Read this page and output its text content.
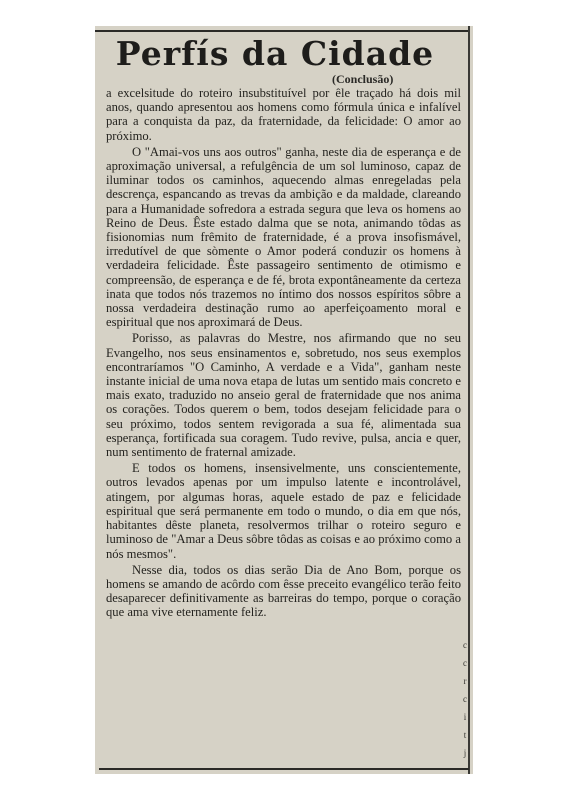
Perfís da Cidade
(Conclusão)

a excelsitude do roteiro insubstituível por êle traçado há dois mil anos, quando apresentou aos homens como fórmula única e infalível para a conquista da paz, da fraternidade, da felicidade: O amor ao próximo.

O "Amai-vos uns aos outros" ganha, neste dia de esperança e de aproximação universal, a refulgência de um sol luminoso, capaz de iluminar todos os caminhos, aquecendo almas enregeladas pela descrença, espancando as trevas da ambição e da maldade, clareando para a Humanidade sofredora a estrada segura que leva os homens ao Reino de Deus. Êste estado dalma que se nota, animando tôdas as fisionomias num frêmito de fraternidade, é a prova insofismável, irredutível de que sòmente o Amor poderá conduzir os homens à verdadeira felicidade. Êste passageiro sentimento de otimismo e compreensão, de esperança e de fé, brota expontâneamente da certeza inata que todos nós trazemos no íntimo dos nossos espíritos sôbre a nossa verdadeira destinação rumo ao aperfeiçoamento moral e espiritual que nos aproximará de Deus.

Porisso, as palavras do Mestre, nos afirmando que no seu Evangelho, nos seus ensinamentos e, sobretudo, nos seus exemplos encontraríamos "O Caminho, A verdade e a Vida", ganham neste instante inicial de uma nova etapa de lutas um sentido mais concreto e mais exato, traduzido no anseio geral de fraternidade que nos anima os corações. Todos querem o bem, todos desejam felicidade para o seu próximo, todos sentem revigorada a sua fé, alimentada sua esperança, fortificada sua coragem. Tudo revive, pulsa, ancia e quer, num sentimento de fraternal amizade.

E todos os homens, insensivelmente, uns conscientemente, outros levados apenas por um impulso latente e incontrolável, atingem, por algumas horas, aquele estado de paz e felicidade espiritual que será permanente em todo o mundo, o dia em que nós, habitantes dêste planeta, resolvermos trilhar o roteiro seguro e luminoso de "Amar a Deus sôbre tôdas as coisas e ao próximo como a nós mesmos".

Nesse dia, todos os dias serão Dia de Ano Bom, porque os homens se amando de acôrdo com êsse preceito evangélico terão feito desaparecer definitivamente as barreiras do tempo, porque o coração que ama vive eternamente feliz.

c
c
r
c
i
t
j
